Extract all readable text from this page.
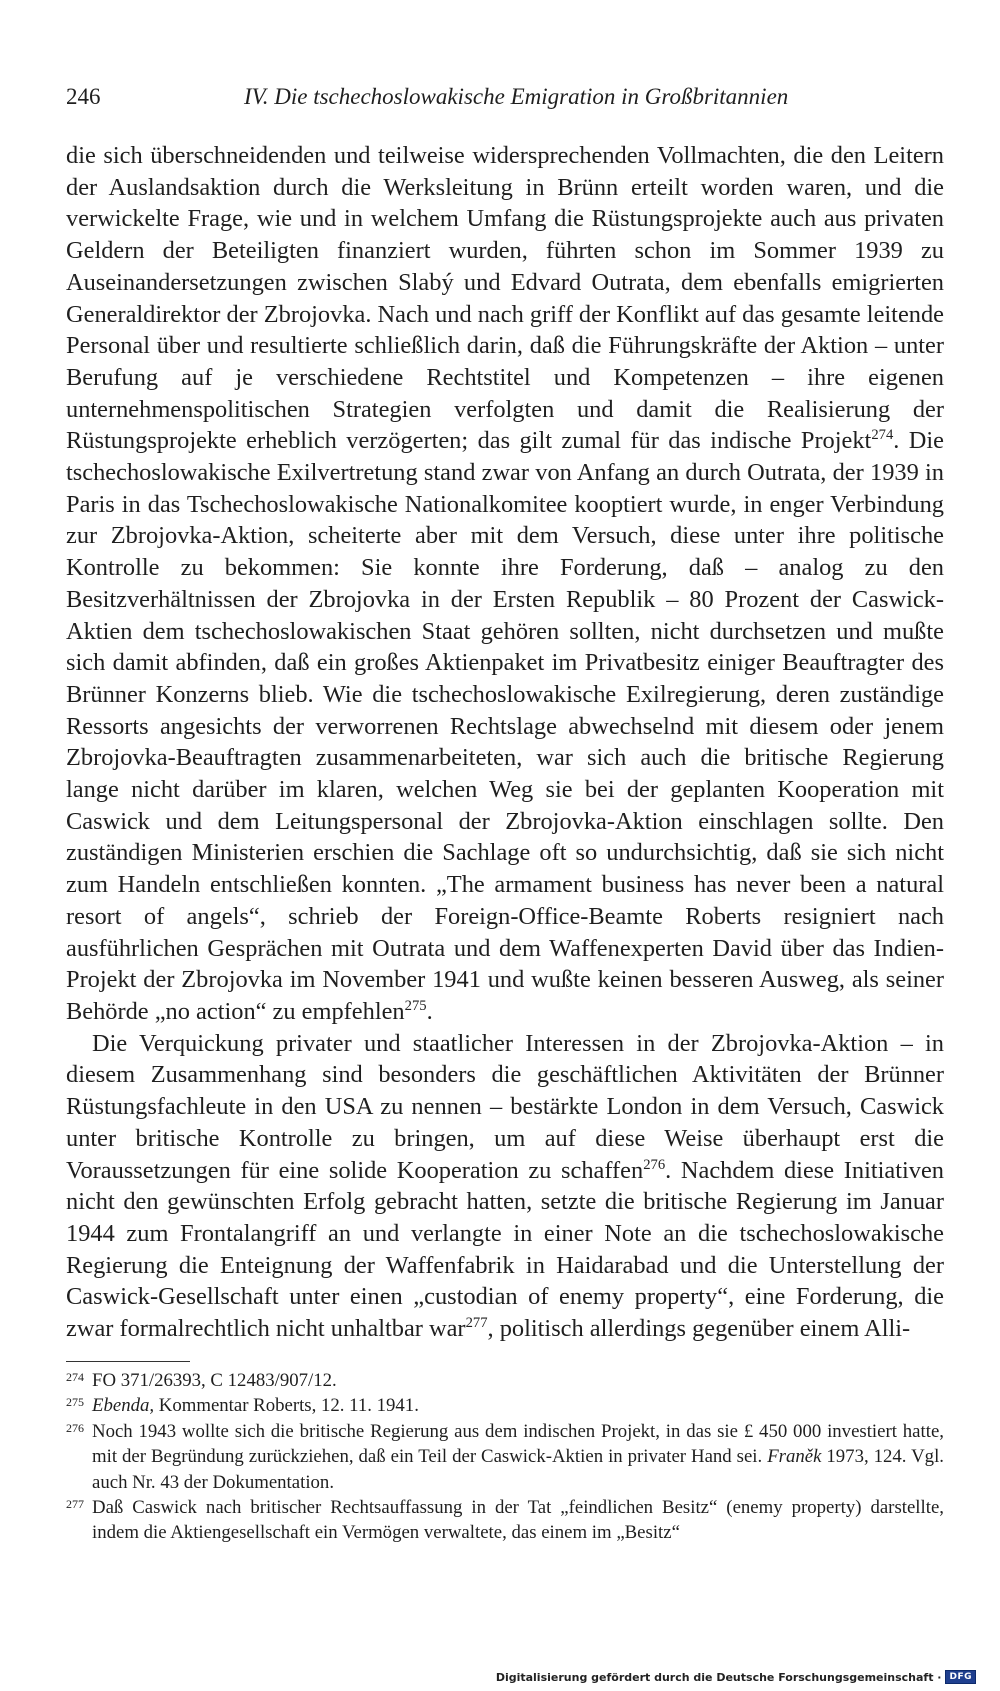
246	IV. Die tschechoslowakische Emigration in Großbritannien

die sich überschneidenden und teilweise widersprechenden Vollmachten, die den Leitern der Auslandsaktion durch die Werksleitung in Brünn erteilt worden waren, und die verwickelte Frage, wie und in welchem Umfang die Rüstungsprojekte auch aus privaten Geldern der Beteiligten finanziert wurden, führten schon im Sommer 1939 zu Auseinandersetzungen zwischen Slabý und Edvard Outrata, dem ebenfalls emigrierten Generaldirektor der Zbrojovka. Nach und nach griff der Konflikt auf das gesamte leitende Personal über und resultierte schließlich darin, daß die Führungskräfte der Aktion – unter Berufung auf je verschiedene Rechtstitel und Kompetenzen – ihre eigenen unternehmenspolitischen Strategien verfolgten und damit die Realisierung der Rüstungsprojekte erheblich verzögerten; das gilt zumal für das indische Projekt$^{274}$. Die tschechoslowakische Exilvertretung stand zwar von Anfang an durch Outrata, der 1939 in Paris in das Tschechoslowakische Nationalkomitee kooptiert wurde, in enger Verbindung zur Zbrojovka-Aktion, scheiterte aber mit dem Versuch, diese unter ihre politische Kontrolle zu bekommen: Sie konnte ihre Forderung, daß – analog zu den Besitzverhältnissen der Zbrojovka in der Ersten Republik – 80 Prozent der Caswick-Aktien dem tschechoslowakischen Staat gehören sollten, nicht durchsetzen und mußte sich damit abfinden, daß ein großes Aktienpaket im Privatbesitz einiger Beauftragter des Brünner Konzerns blieb. Wie die tschechoslowakische Exilregierung, deren zuständige Ressorts angesichts der verworrenen Rechtslage abwechselnd mit diesem oder jenem Zbrojovka-Beauftragten zusammenarbeiteten, war sich auch die britische Regierung lange nicht darüber im klaren, welchen Weg sie bei der geplanten Kooperation mit Caswick und dem Leitungspersonal der Zbrojovka-Aktion einschlagen sollte. Den zuständigen Ministerien erschien die Sachlage oft so undurchsichtig, daß sie sich nicht zum Handeln entschließen konnten. „The armament business has never been a natural resort of angels“, schrieb der Foreign-Office-Beamte Roberts resigniert nach ausführlichen Gesprächen mit Outrata und dem Waffenexperten David über das Indien-Projekt der Zbrojovka im November 1941 und wußte keinen besseren Ausweg, als seiner Behörde „no action“ zu empfehlen$^{275}$.

Die Verquickung privater und staatlicher Interessen in der Zbrojovka-Aktion – in diesem Zusammenhang sind besonders die geschäftlichen Aktivitäten der Brünner Rüstungsfachleute in den USA zu nennen – bestärkte London in dem Versuch, Caswick unter britische Kontrolle zu bringen, um auf diese Weise überhaupt erst die Voraussetzungen für eine solide Kooperation zu schaffen$^{276}$. Nachdem diese Initiativen nicht den gewünschten Erfolg gebracht hatten, setzte die britische Regierung im Januar 1944 zum Frontalangriff an und verlangte in einer Note an die tschechoslowakische Regierung die Enteignung der Waffenfabrik in Haidarabad und die Unterstellung der Caswick-Gesellschaft unter einen „custodian of enemy property“, eine Forderung, die zwar formalrechtlich nicht unhaltbar war$^{277}$, politisch allerdings gegenüber einem Alli-

274 FO 371/26393, C 12483/907/12.
275 Ebenda, Kommentar Roberts, 12. 11. 1941.
276 Noch 1943 wollte sich die britische Regierung aus dem indischen Projekt, in das sie £ 450 000 investiert hatte, mit der Begründung zurückziehen, daß ein Teil der Caswick-Aktien in privater Hand sei. Franěk 1973, 124. Vgl. auch Nr. 43 der Dokumentation.
277 Daß Caswick nach britischer Rechtsauffassung in der Tat „feindlichen Besitz“ (enemy property) darstellte, indem die Aktiengesellschaft ein Vermögen verwaltete, das einem im „Besitz“
Digitalisierung gefördert durch die Deutsche Forschungsgemeinschaft · DFG
